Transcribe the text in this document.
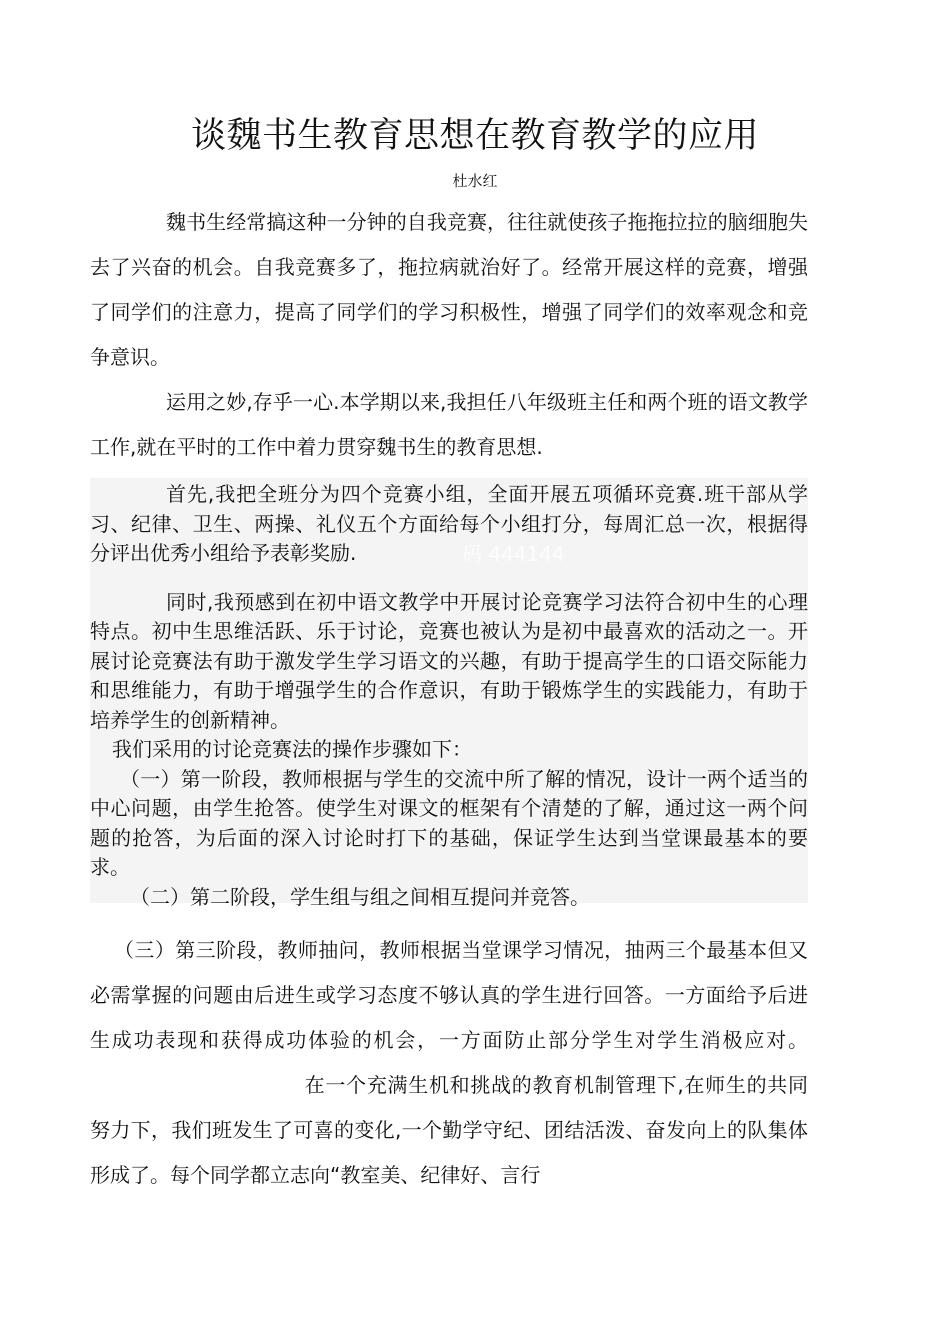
谈魏书生教育思想在教育教学的应用
杜水红

魏书生经常搞这种一分钟的自我竞赛，往往就使孩子拖拖拉拉的脑细胞失去了兴奋的机会。自我竞赛多了，拖拉病就治好了。经常开展这样的竞赛，增强了同学们的注意力，提高了同学们的学习积极性，增强了同学们的效率观念和竞争意识。

运用之妙,存乎一心.本学期以来,我担任八年级班主任和两个班的语文教学工作,就在平时的工作中着力贯穿魏书生的教育思想.

首先,我把全班分为四个竞赛小组，全面开展五项循环竞赛.班干部从学习、纪律、卫生、两操、礼仪五个方面给每个小组打分，每周汇总一次，根据得分评出优秀小组给予表彰奖励.

同时,我预感到在初中语文教学中开展讨论竞赛学习法符合初中生的心理特点。初中生思维活跃、乐于讨论，竞赛也被认为是初中最喜欢的活动之一。开展讨论竞赛法有助于激发学生学习语文的兴趣，有助于提高学生的口语交际能力和思维能力，有助于增强学生的合作意识，有助于锻炼学生的实践能力，有助于培养学生的创新精神。

我们采用的讨论竞赛法的操作步骤如下：

（一）第一阶段，教师根据与学生的交流中所了解的情况，设计一两个适当的中心问题，由学生抢答。使学生对课文的框架有个清楚的了解，通过这一两个问题的抢答，为后面的深入讨论时打下的基础，保证学生达到当堂课最基本的要求。

（二）第二阶段，学生组与组之间相互提问并竞答。

码 444144

（三）第三阶段，教师抽问，教师根据当堂课学习情况，抽两三个最基本但又必需掌握的问题由后进生或学习态度不够认真的学生进行回答。一方面给予后进生成功表现和获得成功体验的机会，一方面防止部分学生对学生消极应对。在一个充满生机和挑战的教育机制管理下,在师生的共同努力下，我们班发生了可喜的变化,一个勤学守纪、团结活泼、奋发向上的队集体形成了。每个同学都立志向“教室美、纪律好、言行
